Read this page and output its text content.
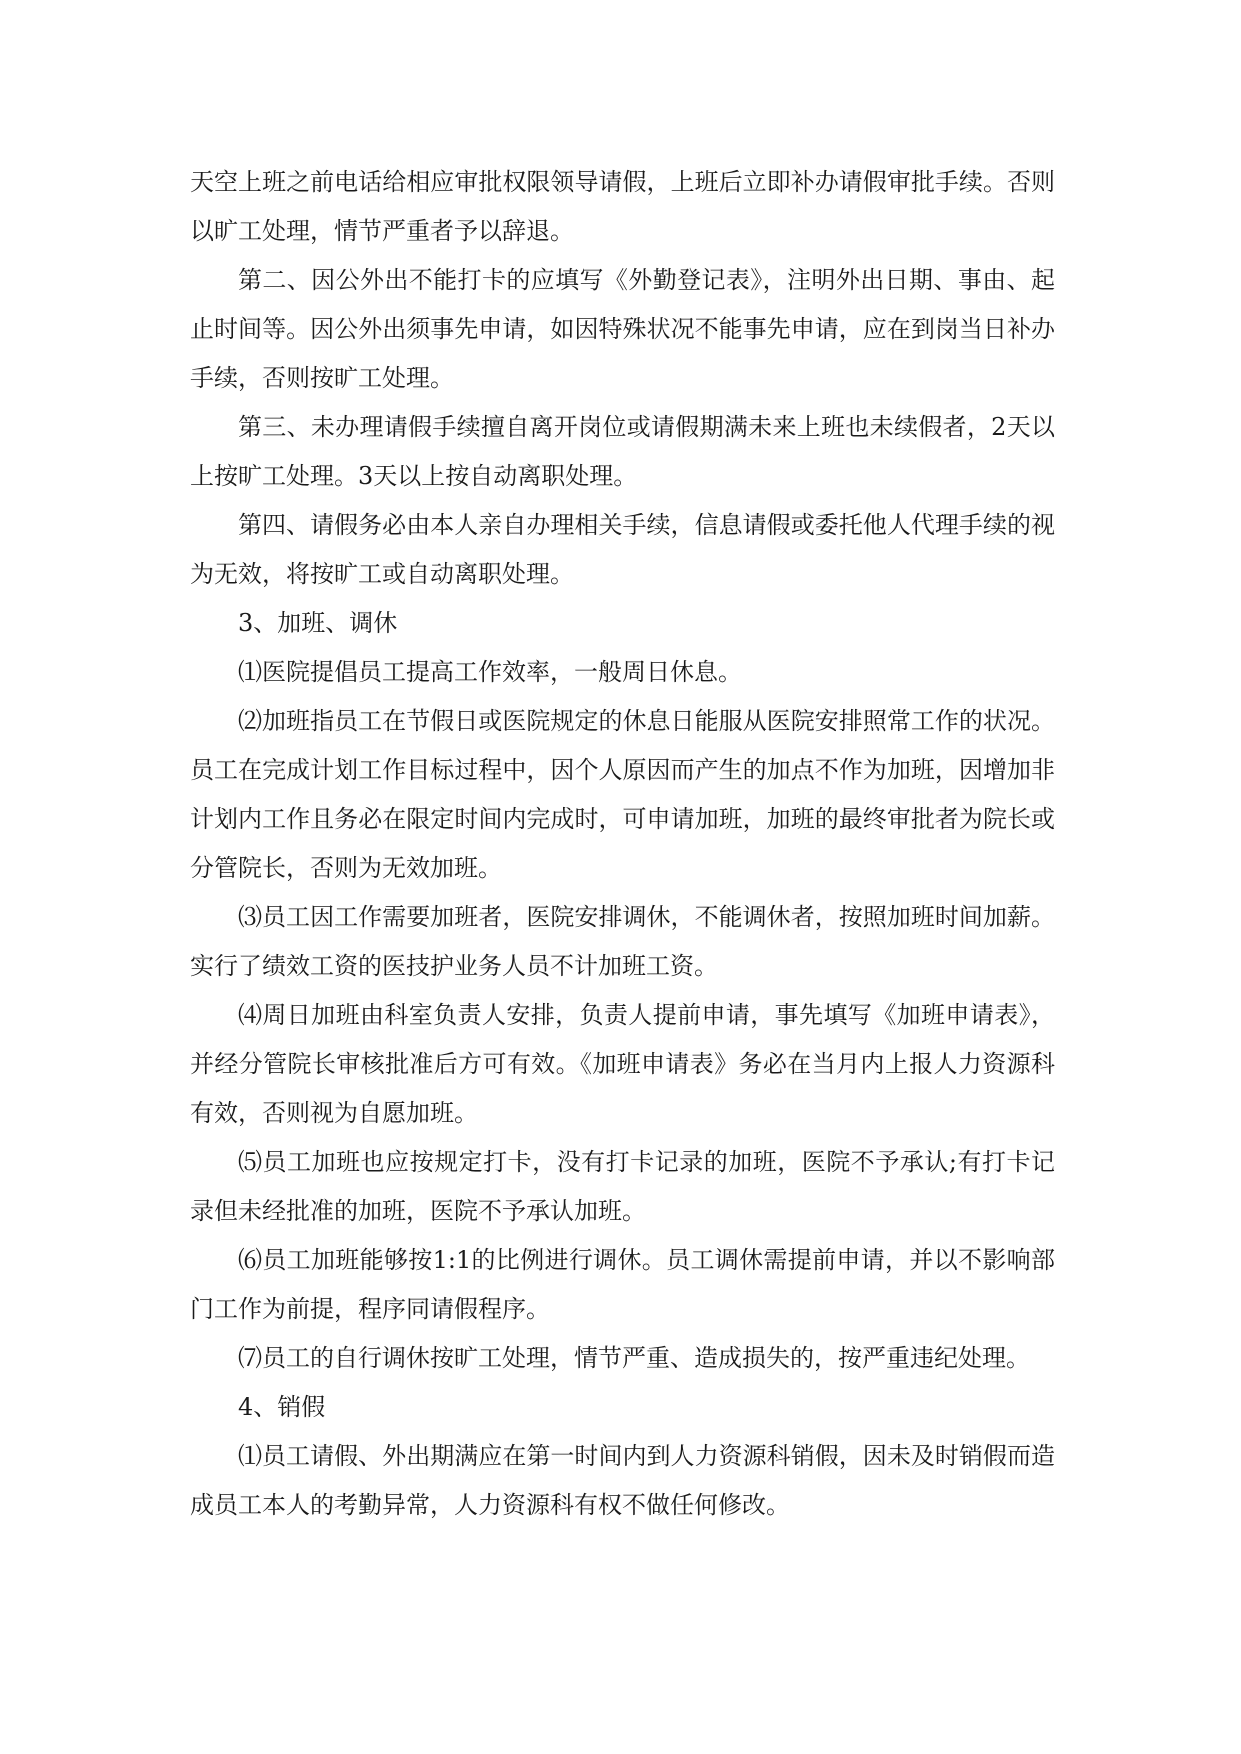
天空上班之前电话给相应审批权限领导请假，上班后立即补办请假审批手续。否则以旷工处理，情节严重者予以辞退。

第二、因公外出不能打卡的应填写《外勤登记表》，注明外出日期、事由、起止时间等。因公外出须事先申请，如因特殊状况不能事先申请，应在到岗当日补办手续，否则按旷工处理。

第三、未办理请假手续擅自离开岗位或请假期满未来上班也未续假者，2天以上按旷工处理。3天以上按自动离职处理。

第四、请假务必由本人亲自办理相关手续，信息请假或委托他人代理手续的视为无效，将按旷工或自动离职处理。

3、加班、调休

⑴医院提倡员工提高工作效率，一般周日休息。

⑵加班指员工在节假日或医院规定的休息日能服从医院安排照常工作的状况。员工在完成计划工作目标过程中，因个人原因而产生的加点不作为加班，因增加非计划内工作且务必在限定时间内完成时，可申请加班，加班的最终审批者为院长或分管院长，否则为无效加班。

⑶员工因工作需要加班者，医院安排调休，不能调休者，按照加班时间加薪。实行了绩效工资的医技护业务人员不计加班工资。

⑷周日加班由科室负责人安排，负责人提前申请，事先填写《加班申请表》，并经分管院长审核批准后方可有效。《加班申请表》务必在当月内上报人力资源科有效，否则视为自愿加班。

⑸员工加班也应按规定打卡，没有打卡记录的加班，医院不予承认;有打卡记录但未经批准的加班，医院不予承认加班。

⑹员工加班能够按1:1的比例进行调休。员工调休需提前申请，并以不影响部门工作为前提，程序同请假程序。

⑺员工的自行调休按旷工处理，情节严重、造成损失的，按严重违纪处理。

4、销假

⑴员工请假、外出期满应在第一时间内到人力资源科销假，因未及时销假而造成员工本人的考勤异常，人力资源科有权不做任何修改。
